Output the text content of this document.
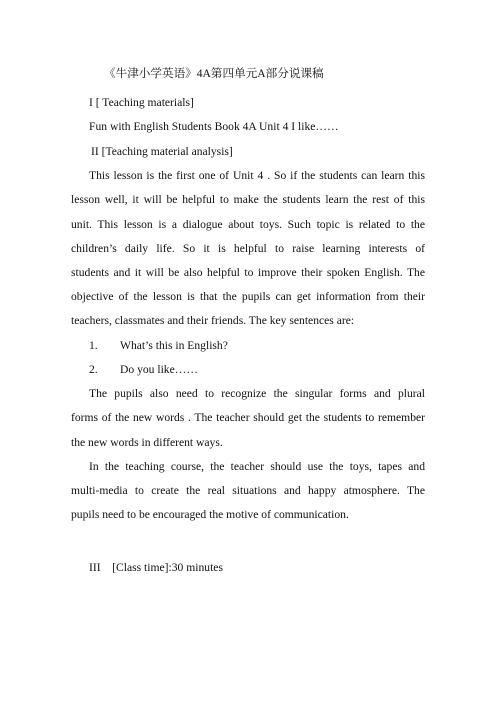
《牛津小学英语》4A第四单元A部分说课稿
I [ Teaching materials]
Fun with English Students Book 4A Unit 4 I like……
II [Teaching material analysis]
This lesson is the first one of Unit 4 . So if the students can learn this
lesson well, it will be helpful to make the students learn the rest of this
unit. This lesson is a dialogue about toys. Such topic is related to the
children’s daily life. So it is helpful to raise learning interests of
students and it will be also helpful to improve their spoken English. The
objective of the lesson is that the pupils can get information from their
teachers, classmates and their friends. The key sentences are:
1. What’s this in English?
2. Do you like……
The pupils also need to recognize the singular forms and plural
forms of the new words . The teacher should get the students to remember
the new words in different ways.
In the teaching course, the teacher should use the toys, tapes and
multi-media to create the real situations and happy atmosphere. The
pupils need to be encouraged the motive of communication.
III    [Class time]:30 minutes
